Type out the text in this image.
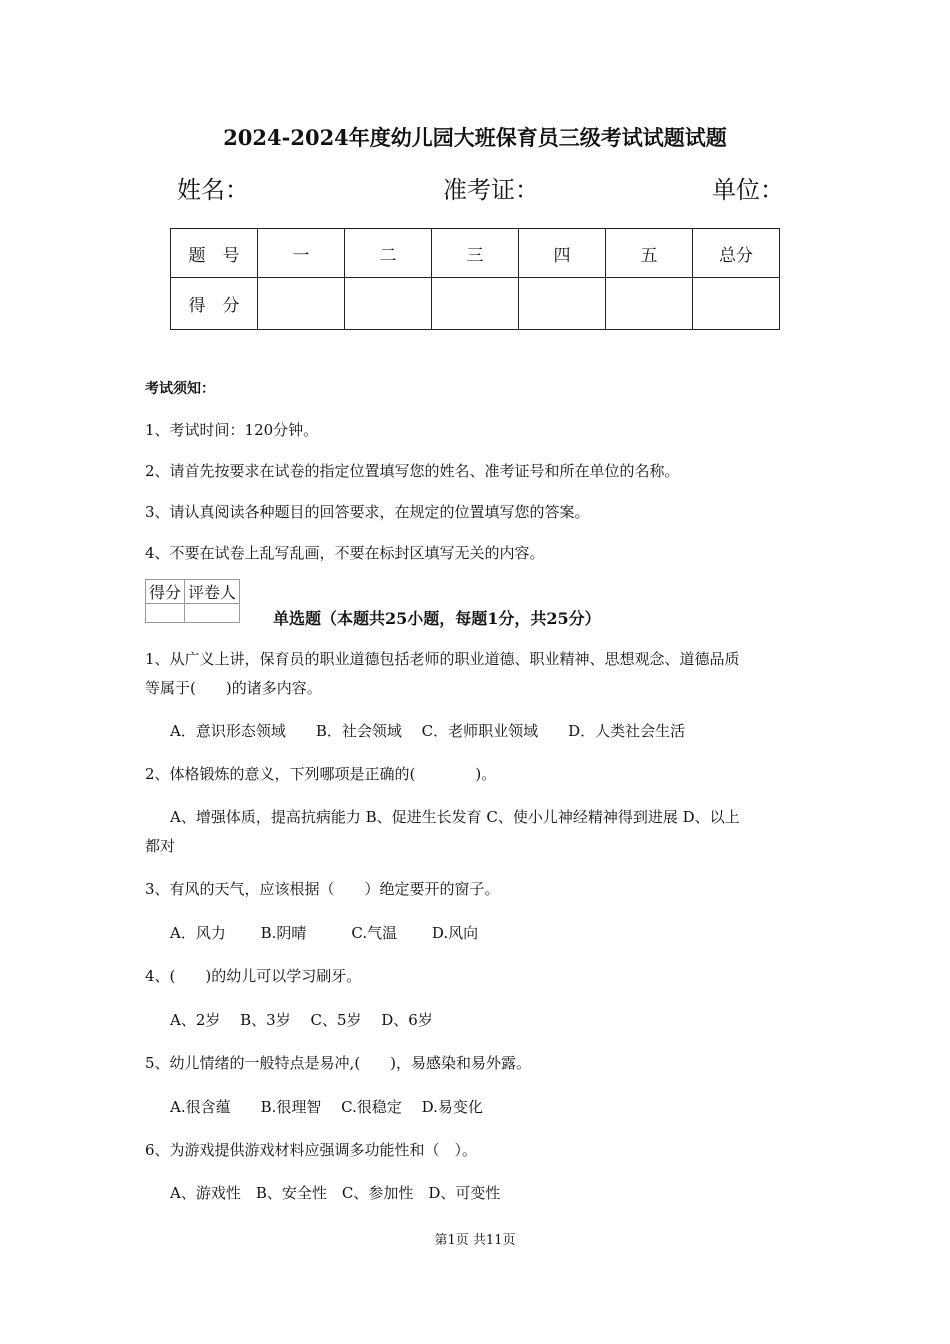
2024-2024年度幼儿园大班保育员三级考试试题试题
姓名：	准考证：	单位：
题　号	一	二	三	四	五	总分
得　分						
考试须知：
1、考试时间：120分钟。
2、请首先按要求在试卷的指定位置填写您的姓名、准考证号和所在单位的名称。
3、请认真阅读各种题目的回答要求，在规定的位置填写您的答案。
4、不要在试卷上乱写乱画，不要在标封区填写无关的内容。
得分	评卷人

单选题（本题共25小题，每题1分，共25分）
1、从广义上讲，保育员的职业道德包括老师的职业道德、职业精神、思想观念、道德品质
等属于(　　)的诸多内容。
A．意识形态领域　　B．社会领域　 C．老师职业领域　　D．人类社会生活
2、体格锻炼的意义，下列哪项是正确的(　　　　)。
A、增强体质，提高抗病能力 B、促进生长发育 C、使小儿神经精神得到进展 D、以上
都对
3、有风的天气，应该根据（　　）绝定要开的窗子。
A．风力　　 B.阴晴　　　C.气温　　 D.风向
4、(　　)的幼儿可以学习刷牙。
A、2岁　 B、3岁　 C、5岁　 D、6岁
5、幼儿情绪的一般特点是易冲,(　　)，易感染和易外露。
A.很含蕴　　B.很理智　 C.很稳定　 D.易变化
6、为游戏提供游戏材料应强调多功能性和（　）。
A、游戏性　B、安全性　C、参加性　D、可变性
第1页 共11页
